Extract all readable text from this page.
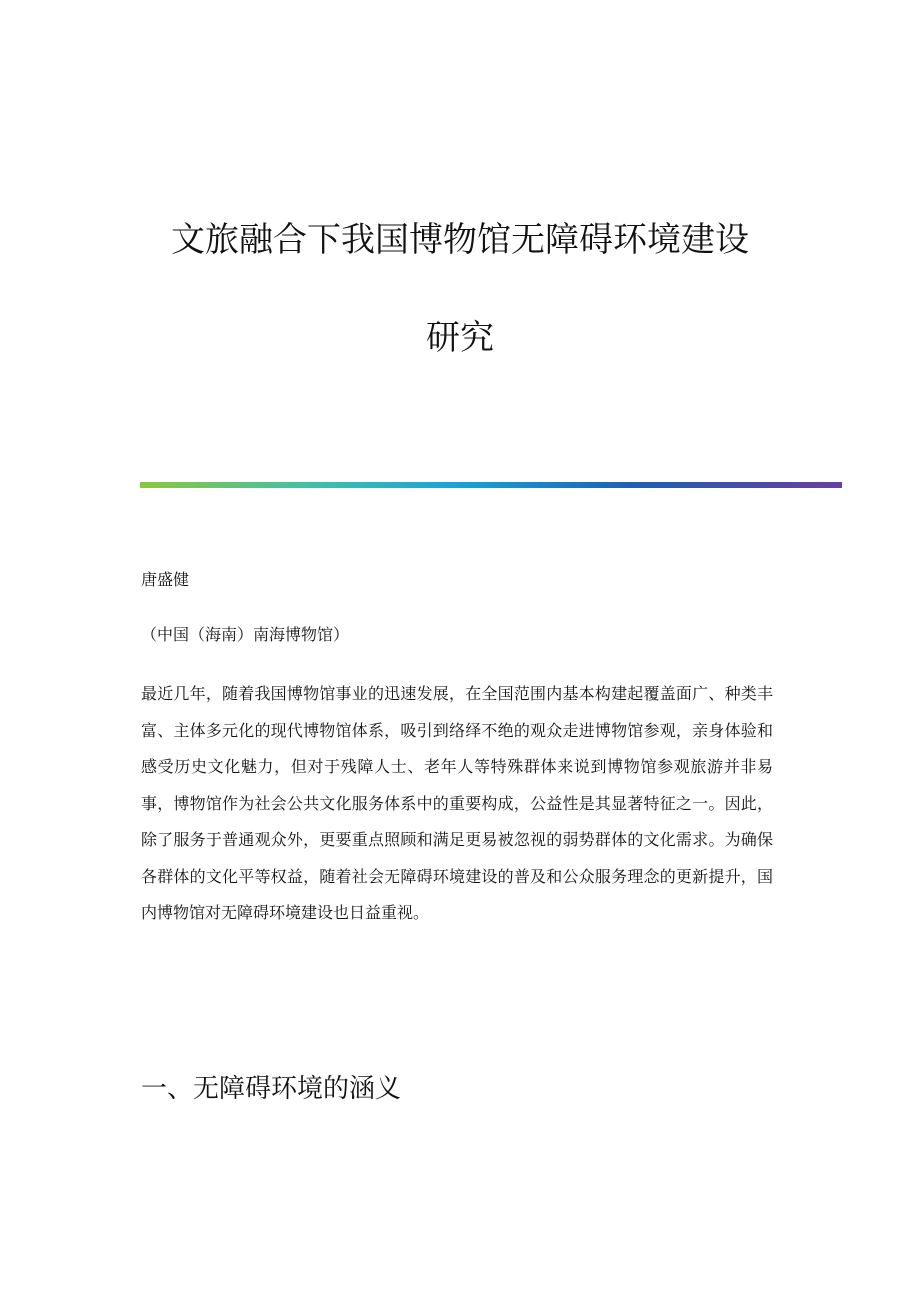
文旅融合下我国博物馆无障碍环境建设
研究

唐盛健

（中国（海南）南海博物馆）

最近几年，随着我国博物馆事业的迅速发展，在全国范围内基本构建起覆盖面广、种类丰富、主体多元化的现代博物馆体系，吸引到络绎不绝的观众走进博物馆参观，亲身体验和感受历史文化魅力，但对于残障人士、老年人等特殊群体来说到博物馆参观旅游并非易事，博物馆作为社会公共文化服务体系中的重要构成，公益性是其显著特征之一。因此，除了服务于普通观众外，更要重点照顾和满足更易被忽视的弱势群体的文化需求。为确保各群体的文化平等权益，随着社会无障碍环境建设的普及和公众服务理念的更新提升，国内博物馆对无障碍环境建设也日益重视。

一、无障碍环境的涵义
